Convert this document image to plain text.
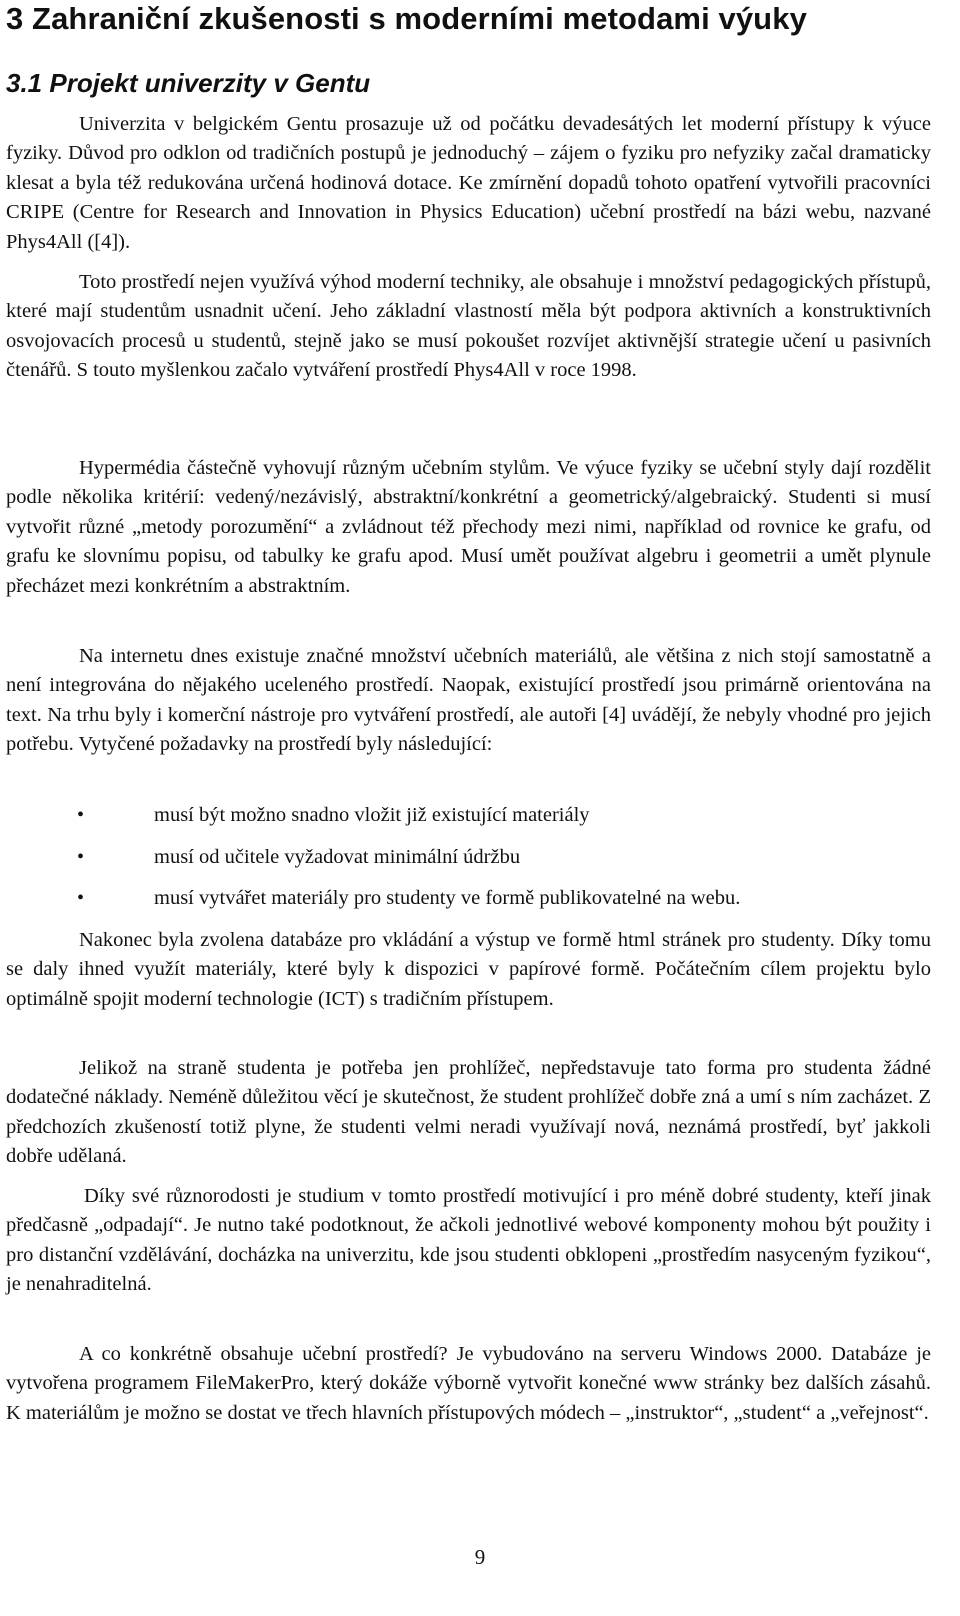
3 Zahraniční zkušenosti s moderními metodami výuky
3.1 Projekt univerzity v Gentu

Univerzita v belgickém Gentu prosazuje už od počátku devadesátých let moderní přístupy k výuce fyziky. Důvod pro odklon od tradičních postupů je jednoduchý – zájem o fyziku pro nefyziky začal dramaticky klesat a byla též redukována určená hodinová dotace. Ke zmírnění dopadů tohoto opatření vytvořili pracovníci CRIPE (Centre for Research and Innovation in Physics Education) učební prostředí na bázi webu, nazvané Phys4All ([4]).

Toto prostředí nejen využívá výhod moderní techniky, ale obsahuje i množství pedagogických přístupů, které mají studentům usnadnit učení. Jeho základní vlastností měla být podpora aktivních a konstruktivních osvojovacích procesů u studentů, stejně jako se musí pokoušet rozvíjet aktivnější strategie učení u pasivních čtenářů. S touto myšlenkou začalo vytváření prostředí Phys4All v roce 1998.

Hypermédia částečně vyhovují různým učebním stylům. Ve výuce fyziky se učební styly dají rozdělit podle několika kritérií: vedený/nezávislý, abstraktní/konkrétní a geometrický/algebraický. Studenti si musí vytvořit různé „metody porozumění“ a zvládnout též přechody mezi nimi, například od rovnice ke grafu, od grafu ke slovnímu popisu, od tabulky ke grafu apod. Musí umět používat algebru i geometrii a umět plynule přecházet mezi konkrétním a abstraktním.

Na internetu dnes existuje značné množství učebních materiálů, ale většina z nich stojí samostatně a není integrována do nějakého uceleného prostředí. Naopak, existující prostředí jsou primárně orientována na text. Na trhu byly i komerční nástroje pro vytváření prostředí, ale autoři [4] uvádějí, že nebyly vhodné pro jejich potřebu. Vytyčené požadavky na prostředí byly následující:

•	musí být možno snadno vložit již existující materiály
•	musí od učitele vyžadovat minimální údržbu
•	musí vytvářet materiály pro studenty ve formě publikovatelné na webu.

Nakonec byla zvolena databáze pro vkládání a výstup ve formě html stránek pro studenty. Díky tomu se daly ihned využít materiály, které byly k dispozici v papírové formě. Počátečním cílem projektu bylo optimálně spojit moderní technologie (ICT) s tradičním přístupem.

Jelikož na straně studenta je potřeba jen prohlížeč, nepředstavuje tato forma pro studenta žádné dodatečné náklady. Neméně důležitou věcí je skutečnost, že student prohlížeč dobře zná a umí s ním zacházet. Z předchozích zkušeností totiž plyne, že studenti velmi neradi využívají nová, neznámá prostředí, byť jakkoli dobře udělaná.

Díky své různorodosti je studium v tomto prostředí motivující i pro méně dobré studenty, kteří jinak předčasně „odpadají“. Je nutno také podotknout, že ačkoli jednotlivé webové komponenty mohou být použity i pro distanční vzdělávání, docházka na univerzitu, kde jsou studenti obklopeni „prostředím nasyceným fyzikou“, je nenahraditelná.

A co konkrétně obsahuje učební prostředí? Je vybudováno na serveru Windows 2000. Databáze je vytvořena programem FileMakerPro, který dokáže výborně vytvořit konečné www stránky bez dalších zásahů. K materiálům je možno se dostat ve třech hlavních přístupových módech – „instruktor“, „student“ a „veřejnost“.

9
